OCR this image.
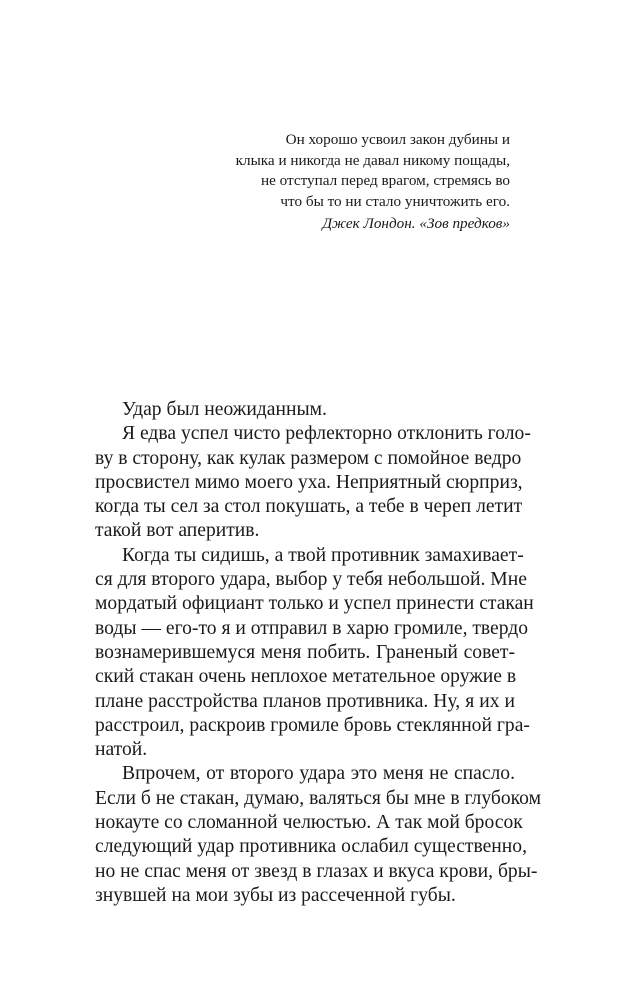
Он хорошо усвоил закон дубины и
клыка и никогда не давал никому пощады,
не отступал перед врагом, стремясь во
что бы то ни стало уничтожить его.
Джек Лондон. «Зов предков»
Удар был неожиданным.
Я едва успел чисто рефлекторно отклонить голо-
ву в сторону, как кулак размером с помойное ведро
просвистел мимо моего уха. Неприятный сюрприз,
когда ты сел за стол покушать, а тебе в череп летит
такой вот аперитив.
Когда ты сидишь, а твой противник замахивает-
ся для второго удара, выбор у тебя небольшой. Мне
мордатый официант только и успел принести стакан
воды — его-то я и отправил в харю громиле, твердо
вознамерившемуся меня побить. Граненый совет-
ский стакан очень неплохое метательное оружие в
плане расстройства планов противника. Ну, я их и
расстроил, раскроив громиле бровь стеклянной гра-
натой.
Впрочем, от второго удара это меня не спасло.
Если б не стакан, думаю, валяться бы мне в глубоком
нокауте со сломанной челюстью. А так мой бросок
следующий удар противника ослабил существенно,
но не спас меня от звезд в глазах и вкуса крови, бры-
знувшей на мои зубы из рассеченной губы.
